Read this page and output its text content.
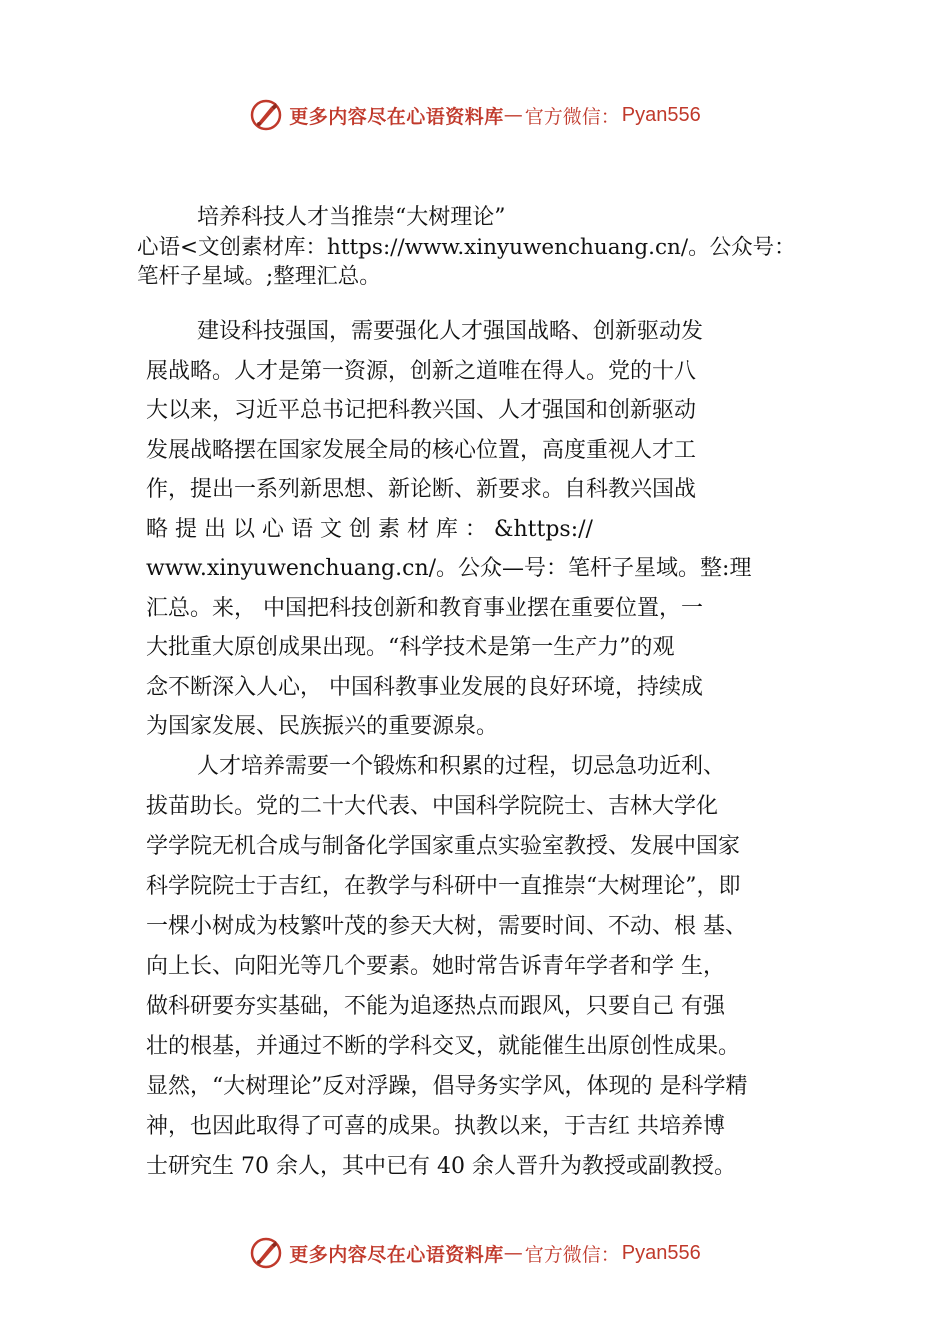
更多内容尽在心语资料库 — 官方微信： Pyan556
培养科技人才当推崇“大树理论”
心语<文创素材库：https://www.xinyuwenchuang.cn/。公众号：
笔杆子星域。;整理汇总。
建设科技强国，需要强化人才强国战略、创新驱动发
展战略。人才是第一资源，创新之道唯在得人。党的十八
大以来，习近平总书记把科教兴国、人才强国和创新驱动
发展战略摆在国家发展全局的核心位置，高度重视人才工
作，提出一系列新思想、新论断、新要求。自科教兴国战
略 提 出 以 心 语 文 创 素 材 库 ： &https://
www.xinyuwenchuang.cn/。公众—号：笔杆子星域。整:理
汇总。来， 中国把科技创新和教育事业摆在重要位置，一
大批重大原创成果出现。“科学技术是第一生产力”的观
念不断深入人心， 中国科教事业发展的良好环境，持续成
为国家发展、民族振兴的重要源泉。
人才培养需要一个锻炼和积累的过程，切忌急功近利、
拔苗助长。党的二十大代表、中国科学院院士、吉林大学化
学学院无机合成与制备化学国家重点实验室教授、发展中国家
科学院院士于吉红，在教学与科研中一直推崇“大树理论”，即
一棵小树成为枝繁叶茂的参天大树，需要时间、不动、根 基、
向上长、向阳光等几个要素。她时常告诉青年学者和学 生，
做科研要夯实基础，不能为追逐热点而跟风，只要自己 有强
壮的根基，并通过不断的学科交叉，就能催生出原创性成果。
显然，“大树理论”反对浮躁，倡导务实学风，体现的 是科学精
神，也因此取得了可喜的成果。执教以来，于吉红 共培养博
士研究生 70 余人，其中已有 40 余人晋升为教授或副教授。
更多内容尽在心语资料库 — 官方微信： Pyan556
